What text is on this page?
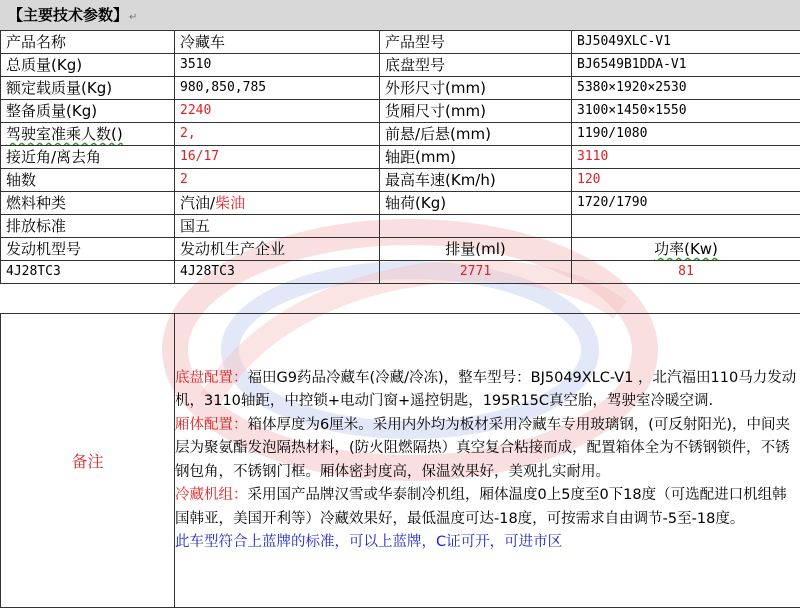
【主要技术参数】↵
产品名称	冷藏车	产品型号	BJ5049XLC-V1
总质量(Kg)	3510	底盘型号	BJ6549B1DDA-V1
额定载质量(Kg)	980,850,785	外形尺寸(mm)	5380×1920×2530
整备质量(Kg)	2240	货厢尺寸(mm)	3100×1450×1550
驾驶室准乘人数()	2,	前悬/后悬(mm)	1190/1080
接近角/离去角	16/17	轴距(mm)	3110
轴数	2	最高车速(Km/h)	120
燃料种类	汽油/柴油	轴荷(Kg)	1720/1790
排放标准	国五		
发动机型号	发动机生产企业	排量(ml)	功率(Kw)
4J28TC3	4J28TC3	2771	81
备注	

底盘配置：福田G9药品冷藏车(冷藏/冷冻)，整车型号：BJ5049XLC-V1 ，北汽福田110马力发动机，3110轴距，中控锁+电动门窗+遥控钥匙，195R15C真空胎，驾驶室冷暖空调.

厢体配置：箱体厚度为6厘米。采用内外均为板材采用冷藏车专用玻璃钢，(可反射阳光)，中间夹层为聚氨酯发泡隔热材料，(防火阻燃隔热）真空复合粘接而成，配置箱体全为不锈钢锁件，不锈钢包角，不锈钢门框。厢体密封度高，保温效果好，美观扎实耐用。

冷藏机组：采用国产品牌汉雪或华泰制冷机组，厢体温度0上5度至0下18度（可选配进口机组韩国韩亚，美国开利等）冷藏效果好，最低温度可达-18度，可按需求自由调节-5至-18度。

此车型符合上蓝牌的标准，可以上蓝牌，C证可开，可进市区
